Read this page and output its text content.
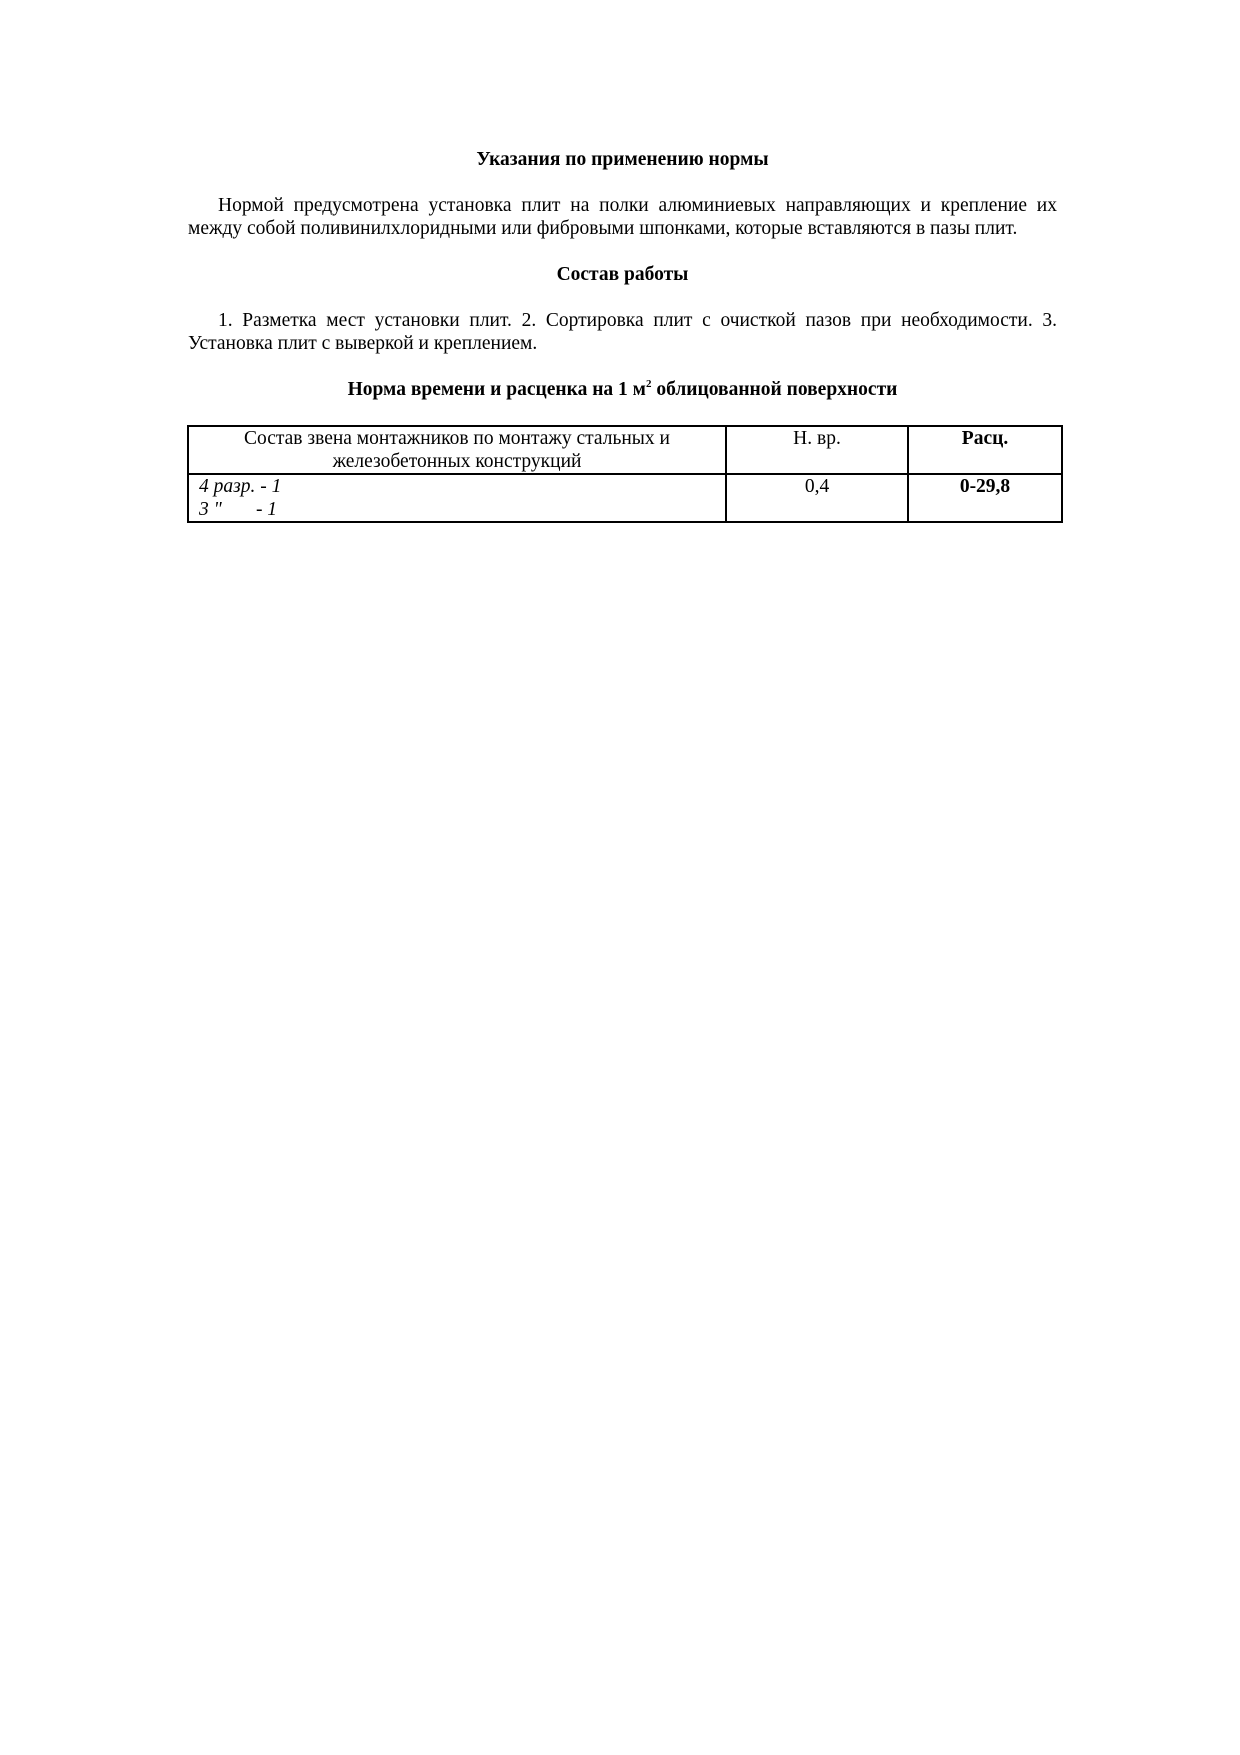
Указания по применению нормы

Нормой предусмотрена установка плит на полки алюминиевых направляющих и крепление их между собой поливинилхлоридными или фибровыми шпонками, которые вставляются в пазы плит.

Состав работы

1. Разметка мест установки плит. 2. Сортировка плит с очисткой пазов при необходимости. 3. Установка плит с выверкой и креплением.

Норма времени и расценка на 1 $м^2$ облицованной поверхности
Состав звена монтажников по монтажу стальных и железобетонных конструкций	Н. вр.	Расц.

4 разр. - 1
3 "       - 1	0,4	0-29,8
